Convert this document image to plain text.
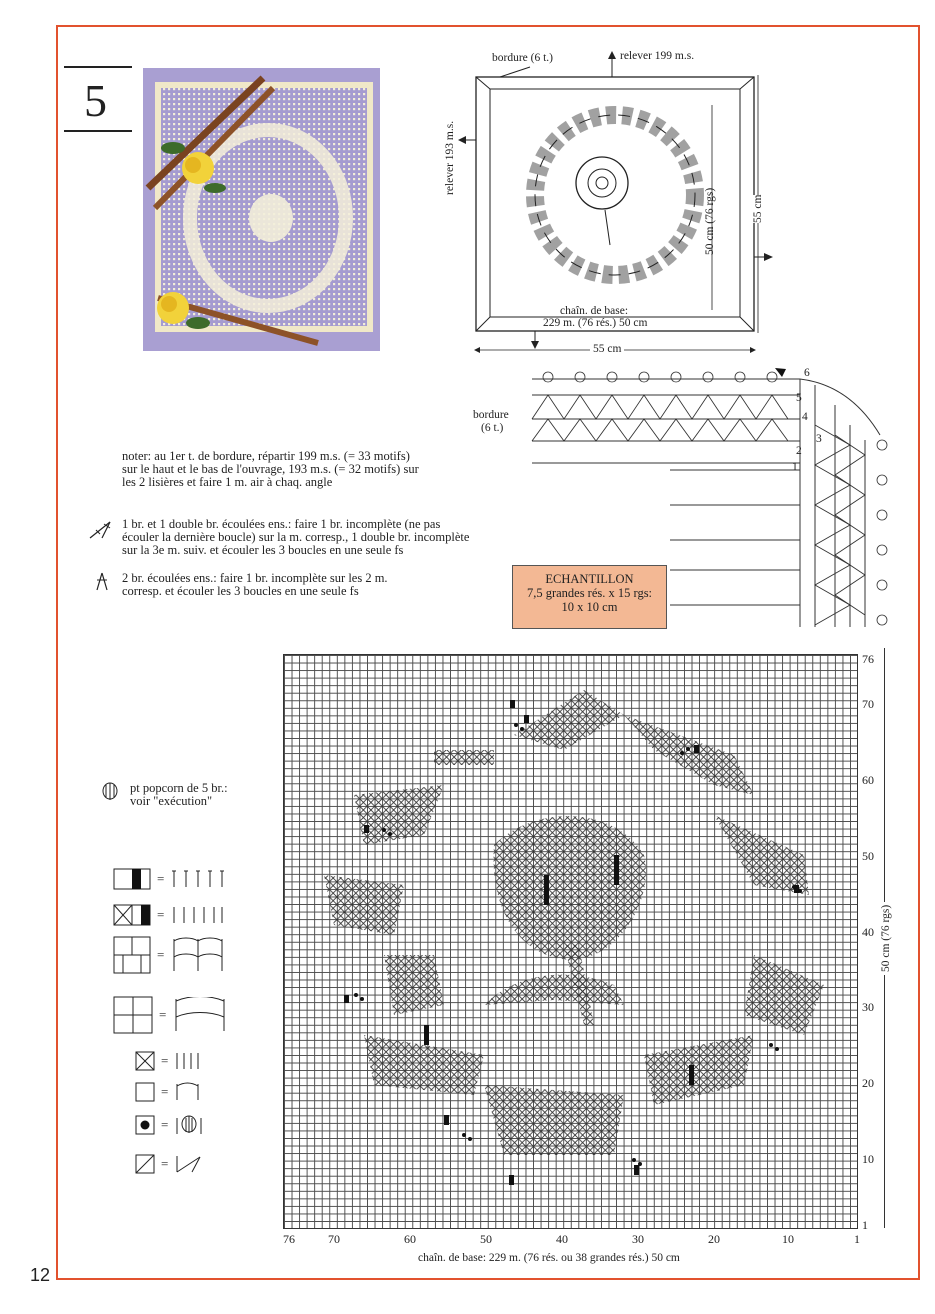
12
5
bordure (6 t.)	relever 199 m.s.
relever 193 m.s.
50 cm (76 rgs)	55 cm
55 cm
chaîn. de base:
229 m. (76 rés.) 50 cm
bordure
(6 t.)
1
2
3
4
5
6
noter: au 1er t. de bordure, répartir 199 m.s. (= 33 motifs)
sur le haut et le bas de l'ouvrage, 193 m.s. (= 32 motifs) sur
les 2 lisières et faire 1 m. air à chaq. angle
1 br. et 1 double br. écoulées ens.: faire 1 br. incomplète (ne pas
écouler la dernière boucle) sur la m. corresp., 1 double br. incomplète
sur la 3e m. suiv. et écouler les 3 boucles en une seule fs
2 br. écoulées ens.: faire 1 br. incomplète sur les 2 m.
corresp. et écouler les 3 boucles en une seule fs
ECHANTILLON
7,5 grandes rés. x 15 rgs:
10 x 10 cm
pt popcorn de 5 br.:
voir "exécution"
=
=
=
=
=
=
=
=
76	70	60	50	40	30	20	10	1
76
70
60
50
40
30
20
10
1
50 cm (76 rgs)
chaîn. de base: 229 m. (76 rés. ou 38 grandes rés.) 50 cm
